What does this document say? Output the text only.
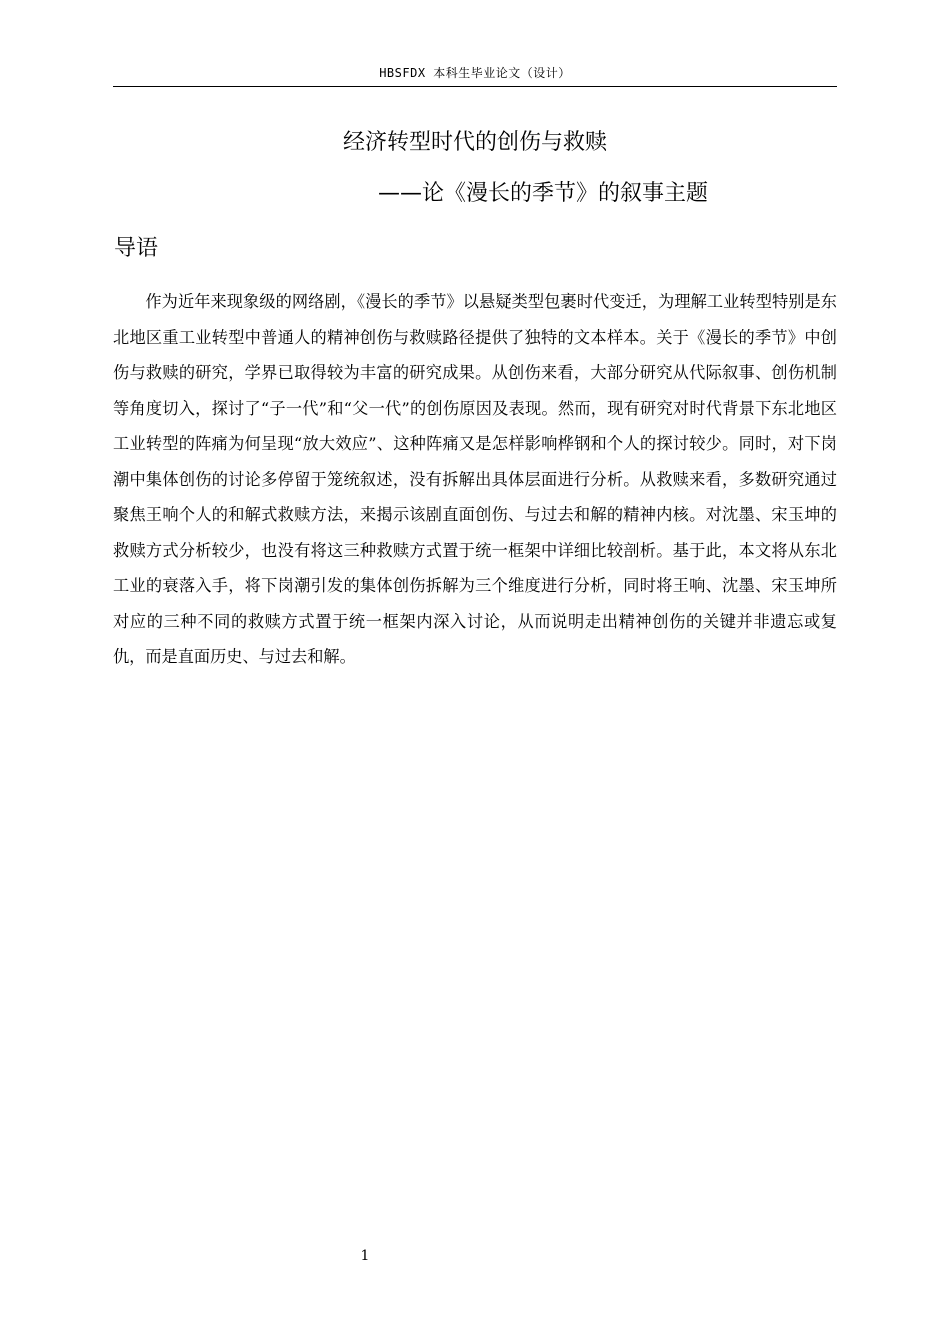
HBSFDX 本科生毕业论文（设计）
经济转型时代的创伤与救赎
——论《漫长的季节》的叙事主题
导语

作为近年来现象级的网络剧，《漫长的季节》以悬疑类型包裹时代变迁，为理解工业转型特别是东北地区重工业转型中普通人的精神创伤与救赎路径提供了独特的文本样本。关于《漫长的季节》中创伤与救赎的研究，学界已取得较为丰富的研究成果。从创伤来看，大部分研究从代际叙事、创伤机制等角度切入，探讨了“子一代”和“父一代”的创伤原因及表现。然而，现有研究对时代背景下东北地区工业转型的阵痛为何呈现“放大效应”、这种阵痛又是怎样影响桦钢和个人的探讨较少。同时，对下岗潮中集体创伤的讨论多停留于笼统叙述，没有拆解出具体层面进行分析。从救赎来看，多数研究通过聚焦王响个人的和解式救赎方法，来揭示该剧直面创伤、与过去和解的精神内核。对沈墨、宋玉坤的救赎方式分析较少，也没有将这三种救赎方式置于统一框架中详细比较剖析。基于此，本文将从东北工业的衰落入手，将下岗潮引发的集体创伤拆解为三个维度进行分析，同时将王响、沈墨、宋玉坤所对应的三种不同的救赎方式置于统一框架内深入讨论，从而说明走出精神创伤的关键并非遗忘或复仇，而是直面历史、与过去和解。

1
